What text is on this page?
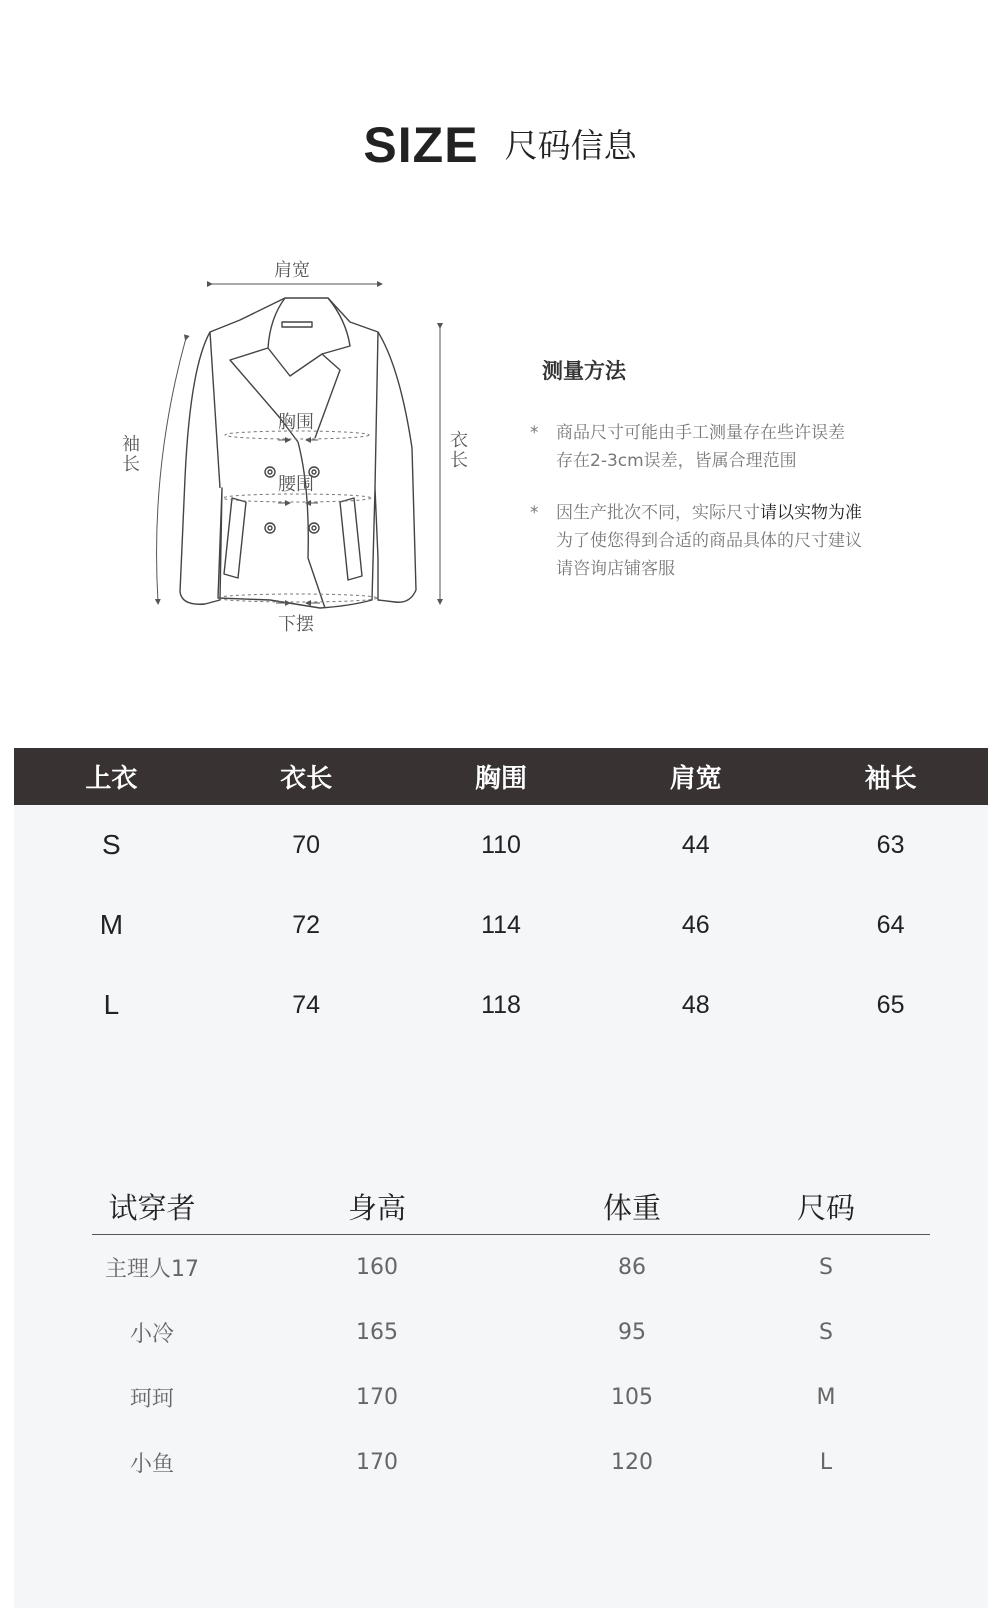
SIZE 尺码信息
肩宽
袖长	衣长
胸围
腰围
下摆
测量方法
* 商品尺寸可能由手工测量存在些许误差
存在2-3cm误差，皆属合理范围
* 因生产批次不同，实际尺寸请以实物为准
为了使您得到合适的商品具体的尺寸建议
请咨询店铺客服
上衣	衣长	胸围	肩宽	袖长
S	70	110	44	63
M	72	114	46	64
L	74	118	48	65
试穿者	身高	体重	尺码
主理人17	160	86	S
小冷	165	95	S
珂珂	170	105	M
小鱼	170	120	L
